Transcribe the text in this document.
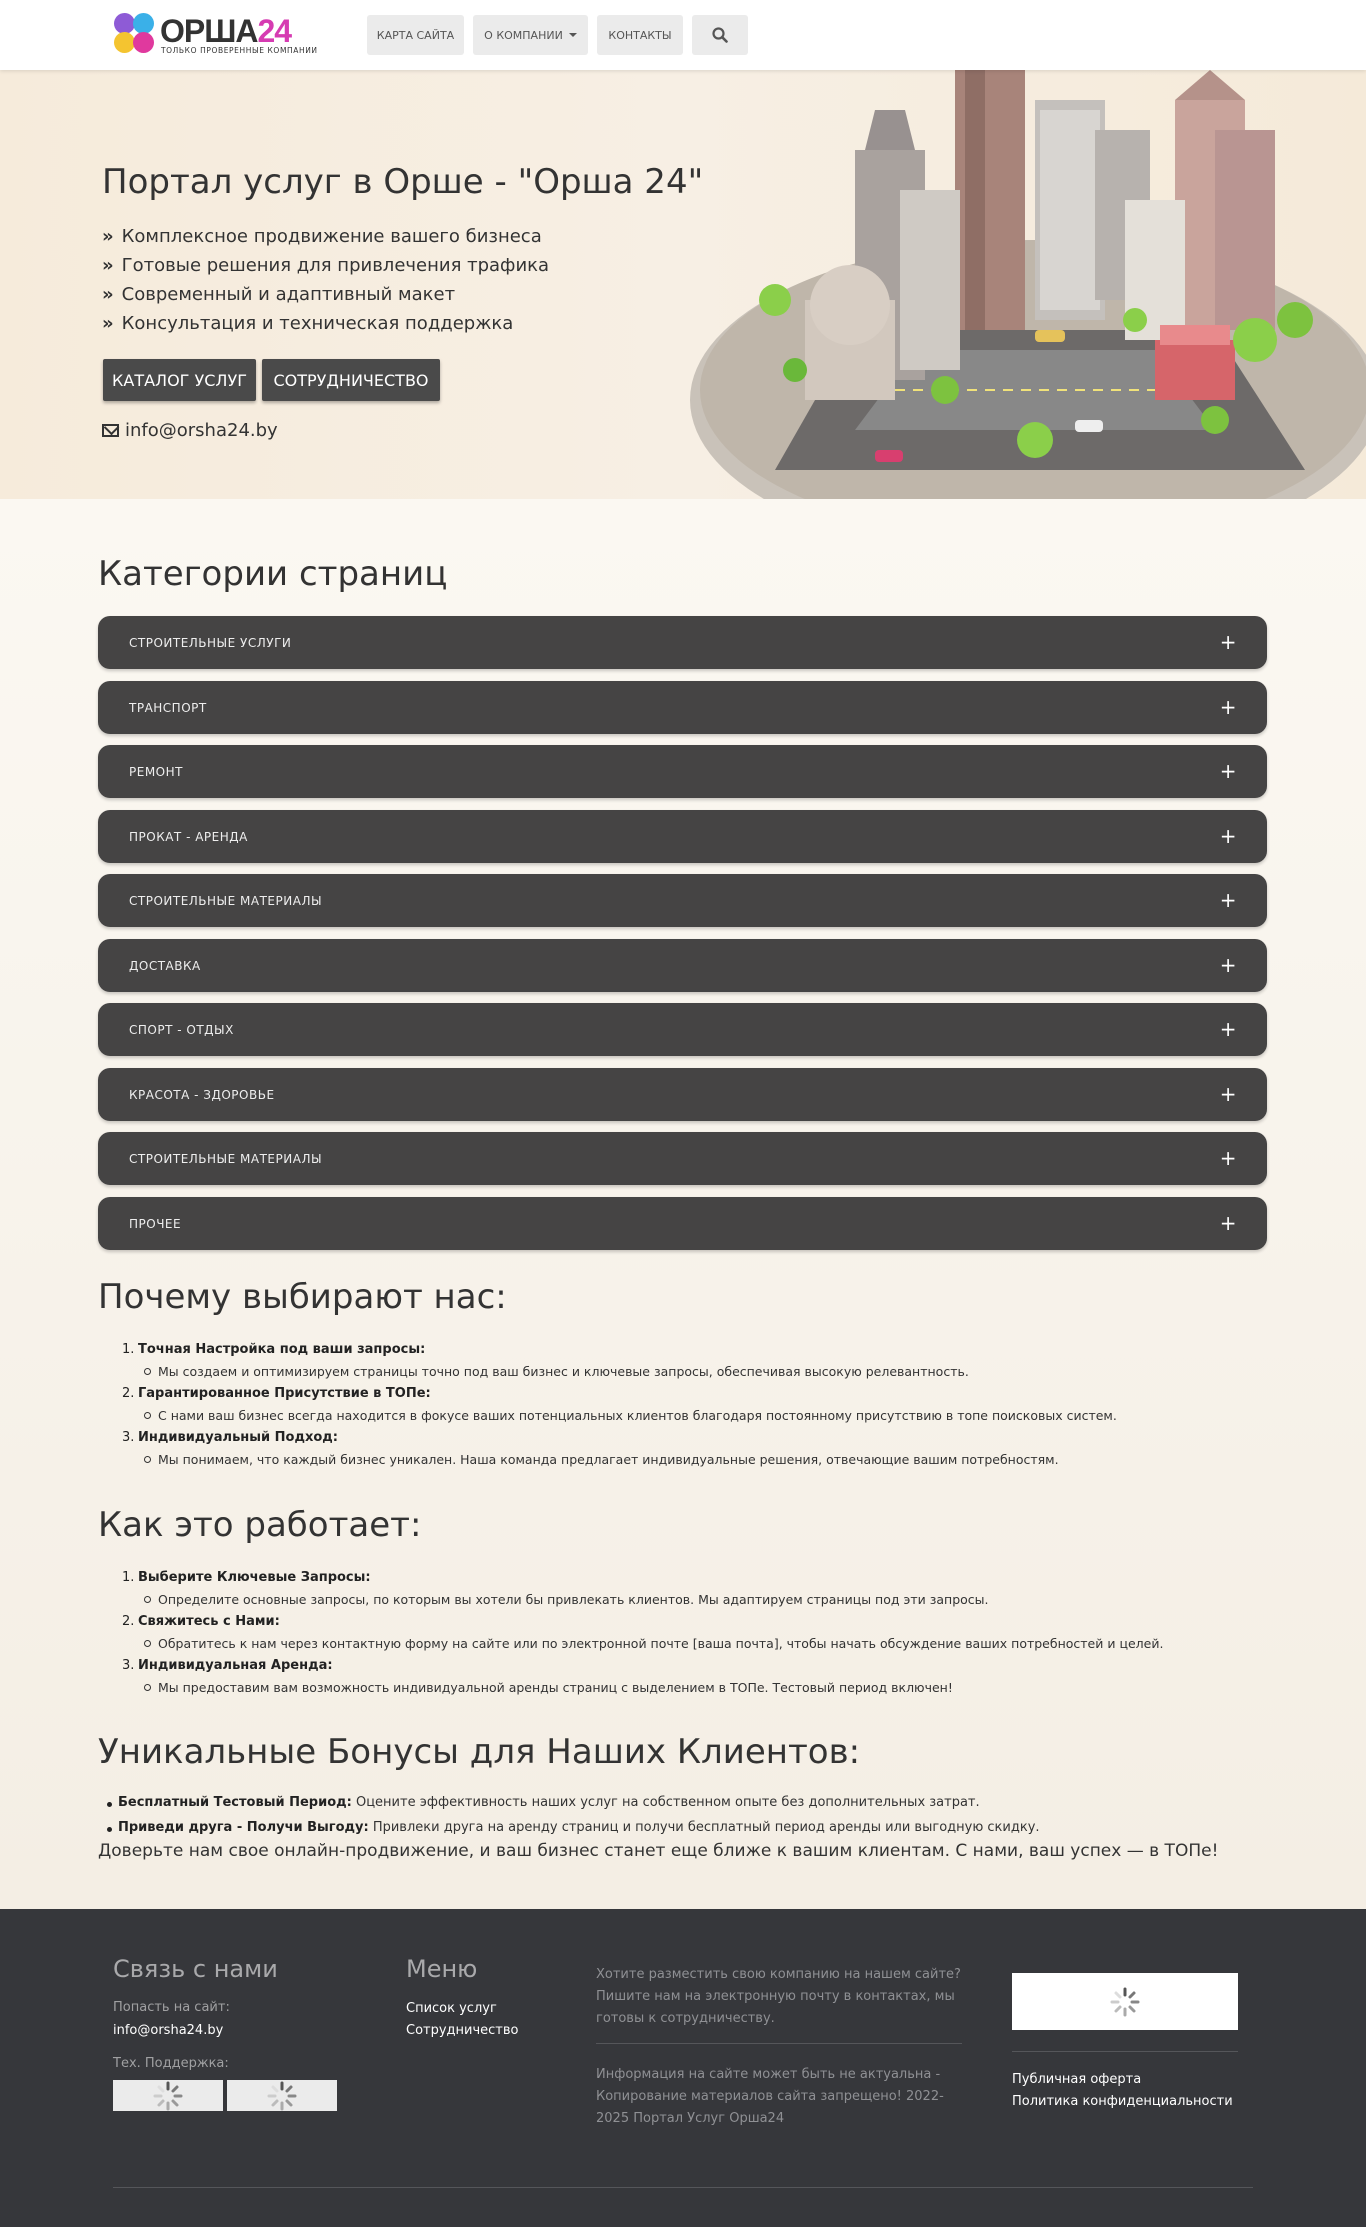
ОРША24
ТОЛЬКО ПРОВЕРЕННЫЕ КОМПАНИИ
КАРТА САЙТА	О КОМПАНИИ	КОНТАКТЫ
Портал услуг в Орше - "Орша 24"
» Комплексное продвижение вашего бизнеса
» Готовые решения для привлечения трафика
» Современный и адаптивный макет
» Консультация и техническая поддержка
КАТАЛОГ УСЛУГ	СОТРУДНИЧЕСТВО
info@orsha24.by
Категории страниц
СТРОИТЕЛЬНЫЕ УСЛУГИ	+
ТРАНСПОРТ	+
РЕМОНТ	+
ПРОКАТ - АРЕНДА	+
СТРОИТЕЛЬНЫЕ МАТЕРИАЛЫ	+
ДОСТАВКА	+
СПОРТ - ОТДЫХ	+
КРАСОТА - ЗДОРОВЬЕ	+
СТРОИТЕЛЬНЫЕ МАТЕРИАЛЫ	+
ПРОЧЕЕ	+
Почему выбирают нас:
1. Точная Настройка под ваши запросы:
Мы создаем и оптимизируем страницы точно под ваш бизнес и ключевые запросы, обеспечивая высокую релевантность.
2. Гарантированное Присутствие в ТОПе:
С нами ваш бизнес всегда находится в фокусе ваших потенциальных клиентов благодаря постоянному присутствию в топе поисковых систем.
3. Индивидуальный Подход:
Мы понимаем, что каждый бизнес уникален. Наша команда предлагает индивидуальные решения, отвечающие вашим потребностям.
Как это работает:
1. Выберите Ключевые Запросы:
Определите основные запросы, по которым вы хотели бы привлекать клиентов. Мы адаптируем страницы под эти запросы.
2. Свяжитесь с Нами:
Обратитесь к нам через контактную форму на сайте или по электронной почте [ваша почта], чтобы начать обсуждение ваших потребностей и целей.
3. Индивидуальная Аренда:
Мы предоставим вам возможность индивидуальной аренды страниц с выделением в ТОПе. Тестовый период включен!
Уникальные Бонусы для Наших Клиентов:
Бесплатный Тестовый Период: Оцените эффективность наших услуг на собственном опыте без дополнительных затрат.
Приведи друга - Получи Выгоду: Привлеки друга на аренду страниц и получи бесплатный период аренды или выгодную скидку.
Доверьте нам свое онлайн-продвижение, и ваш бизнес станет еще ближе к вашим клиентам. С нами, ваш успех — в ТОПе!
Связь с нами
Попасть на сайт:
info@orsha24.by
Тех. Поддержка:
Меню
Список услуг
Сотрудничество
Хотите разместить свою компанию на нашем сайте? Пишите нам на электронную почту в контактах, мы готовы к сотрудничеству.
Информация на сайте может быть не актуальна - Копирование материалов сайта запрещено! 2022-2025 Портал Услуг Орша24
Публичная оферта
Политика конфиденциальности
